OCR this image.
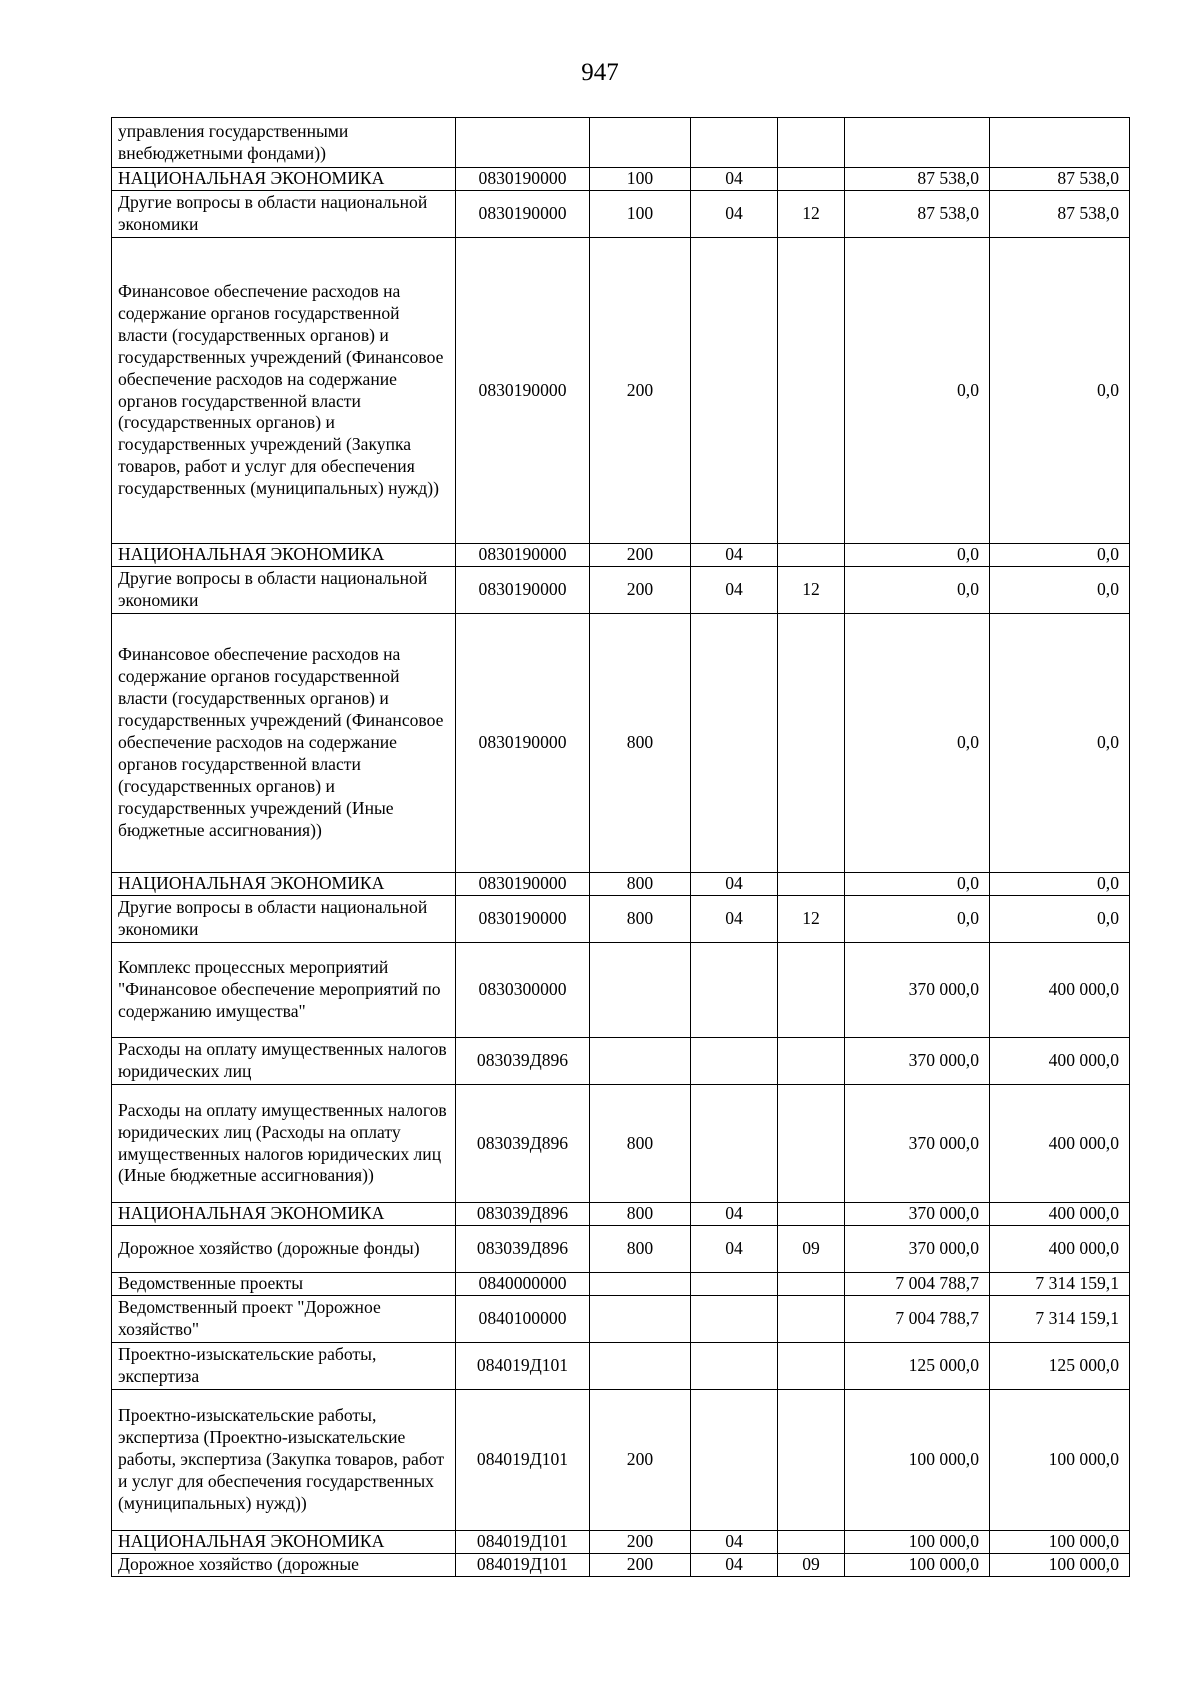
947
управления государственными внебюджетными фондами))						
НАЦИОНАЛЬНАЯ ЭКОНОМИКА	0830190000	100	04		87 538,0	87 538,0
Другие вопросы в области национальной экономики	0830190000	100	04	12	87 538,0	87 538,0
Финансовое обеспечение расходов на содержание органов государственной власти (государственных органов) и государственных учреждений (Финансовое обеспечение расходов на содержание органов государственной власти (государственных органов) и государственных учреждений (Закупка товаров, работ и услуг для обеспечения государственных (муниципальных) нужд))	0830190000	200			0,0	0,0
НАЦИОНАЛЬНАЯ ЭКОНОМИКА	0830190000	200	04		0,0	0,0
Другие вопросы в области национальной экономики	0830190000	200	04	12	0,0	0,0
Финансовое обеспечение расходов на содержание органов государственной власти (государственных органов) и государственных учреждений (Финансовое обеспечение расходов на содержание органов государственной власти (государственных органов) и государственных учреждений (Иные бюджетные ассигнования))	0830190000	800			0,0	0,0
НАЦИОНАЛЬНАЯ ЭКОНОМИКА	0830190000	800	04		0,0	0,0
Другие вопросы в области национальной экономики	0830190000	800	04	12	0,0	0,0
Комплекс процессных мероприятий "Финансовое обеспечение мероприятий по содержанию имущества"	0830300000				370 000,0	400 000,0
Расходы на оплату имущественных налогов юридических лиц	083039Д896				370 000,0	400 000,0
Расходы на оплату имущественных налогов юридических лиц (Расходы на оплату имущественных налогов юридических лиц (Иные бюджетные ассигнования))	083039Д896	800			370 000,0	400 000,0
НАЦИОНАЛЬНАЯ ЭКОНОМИКА	083039Д896	800	04		370 000,0	400 000,0
Дорожное хозяйство (дорожные фонды)	083039Д896	800	04	09	370 000,0	400 000,0
Ведомственные проекты	0840000000				7 004 788,7	7 314 159,1
Ведомственный проект "Дорожное хозяйство"	0840100000				7 004 788,7	7 314 159,1
Проектно-изыскательские работы, экспертиза	084019Д101				125 000,0	125 000,0
Проектно-изыскательские работы, экспертиза (Проектно-изыскательские работы, экспертиза (Закупка товаров, работ и услуг для обеспечения государственных (муниципальных) нужд))	084019Д101	200			100 000,0	100 000,0
НАЦИОНАЛЬНАЯ ЭКОНОМИКА	084019Д101	200	04		100 000,0	100 000,0
Дорожное хозяйство (дорожные	084019Д101	200	04	09	100 000,0	100 000,0
